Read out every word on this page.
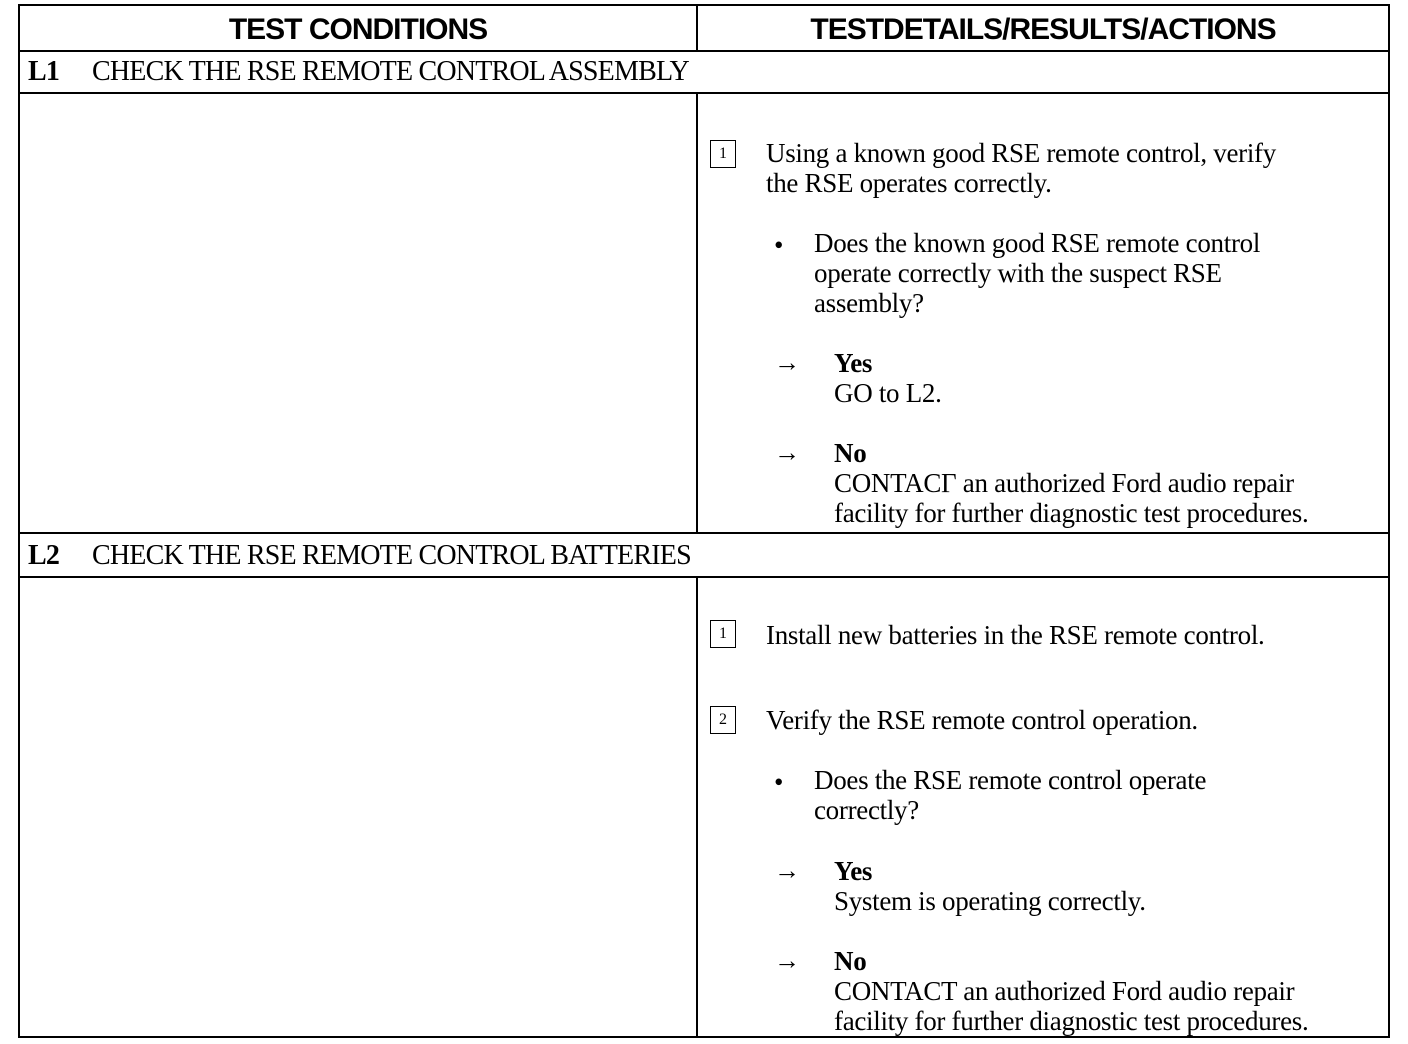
TEST CONDITIONS	TESTDETAILS/RESULTS/ACTIONS
L1 CHECK THE RSE REMOTE CONTROL ASSEMBLY
1	Using a known good RSE remote control, verify
the RSE operates correctly.
• Does the known good RSE remote control
operate correctly with the suspect RSE
assembly?
→ Yes
GO to L2.
→ No
CONTACΓ an authorized Ford audio repair
facility for further diagnostic test procedures.
L2 CHECK THE RSE REMOTE CONTROL BATTERIES
1	Install new batteries in the RSE remote control.
2	Verify the RSE remote control operation.
• Does the RSE remote control operate
correctly?
→ Yes
System is operating correctly.
→ No
CONTACT an authorized Ford audio repair
facility for further diagnostic test procedures.
